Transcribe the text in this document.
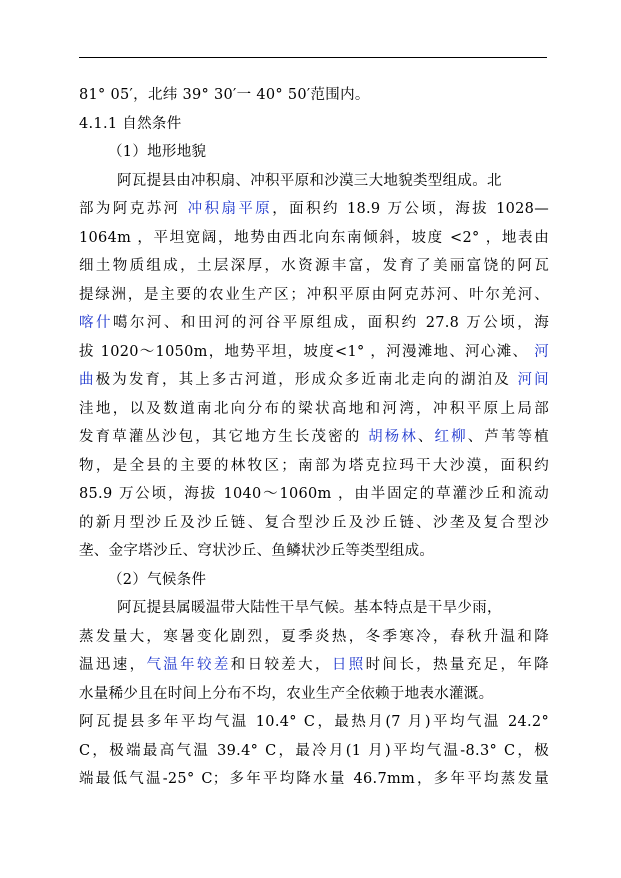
81° 05′，北纬 39° 30′一 40° 50′范围内。
4.1.1 自然条件
（1）地形地貌
阿瓦提县由冲积扇、冲积平原和沙漠三大地貌类型组成。北
部为阿克苏河 冲积扇平原，面积约 18.9 万公顷，海拔 1028—
1064m ，平坦宽阔，地势由西北向东南倾斜，坡度 <2° ，地表由
细土物质组成，土层深厚，水资源丰富，发育了美丽富饶的阿瓦
提绿洲，是主要的农业生产区；冲积平原由阿克苏河、叶尔羌河、
喀什噶尔河、和田河的河谷平原组成，面积约 27.8 万公顷，海
拔 1020～1050m，地势平坦，坡度<1° ，河漫滩地、河心滩、 河
曲极为发育，其上多古河道，形成众多近南北走向的湖泊及 河间
洼地，以及数道南北向分布的梁状高地和河湾，冲积平原上局部
发育草灌丛沙包，其它地方生长茂密的 胡杨林、红柳、芦苇等植
物，是全县的主要的林牧区；南部为塔克拉玛干大沙漠，面积约
85.9 万公顷，海拔 1040～1060m ，由半固定的草灌沙丘和流动
的新月型沙丘及沙丘链、复合型沙丘及沙丘链、沙垄及复合型沙
垄、金字塔沙丘、穹状沙丘、鱼鳞状沙丘等类型组成。
（2）气候条件
阿瓦提县属暖温带大陆性干旱气候。基本特点是干旱少雨，
蒸发量大，寒暑变化剧烈，夏季炎热，冬季寒冷，春秋升温和降
温迅速，气温年较差和日较差大，日照时间长，热量充足，年降
水量稀少且在时间上分布不均，农业生产全依赖于地表水灌溉。
阿瓦提县多年平均气温 10.4° C，最热月(7 月)平均气温 24.2°
C，极端最高气温 39.4° C，最冷月(1 月)平均气温-8.3° C，极
端最低气温-25° C；多年平均降水量 46.7mm，多年平均蒸发量
